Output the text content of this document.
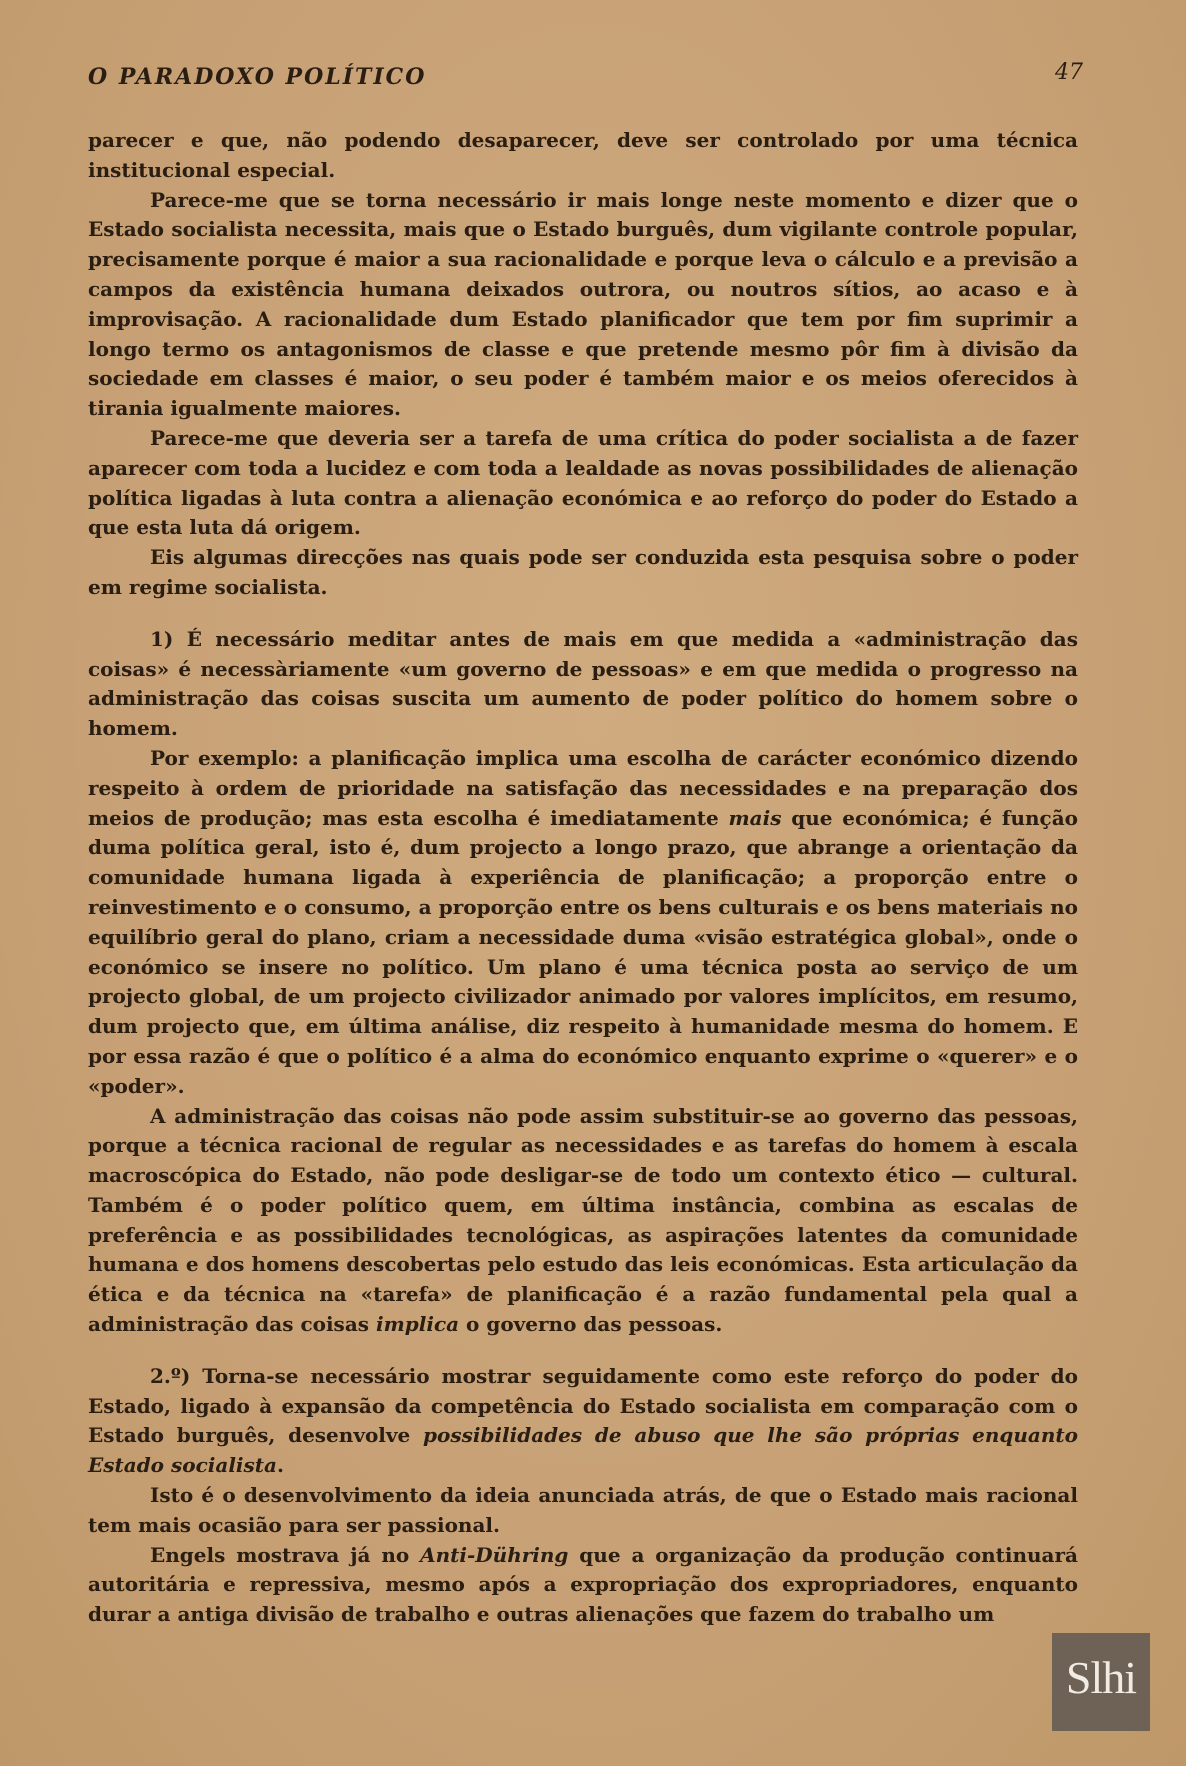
O PARADOXO POLÍTICO	47

parecer e que, não podendo desaparecer, deve ser controlado por uma técnica institucional especial.

Parece-me que se torna necessário ir mais longe neste momento e dizer que o Estado socialista necessita, mais que o Estado burguês, dum vigilante controle popular, precisamente porque é maior a sua racionalidade e porque leva o cálculo e a previsão a campos da existência humana deixados outrora, ou noutros sítios, ao acaso e à improvisação. A racionalidade dum Estado planificador que tem por fim suprimir a longo termo os antagonismos de classe e que pretende mesmo pôr fim à divisão da sociedade em classes é maior, o seu poder é também maior e os meios oferecidos à tirania igualmente maiores.

Parece-me que deveria ser a tarefa de uma crítica do poder socialista a de fazer aparecer com toda a lucidez e com toda a lealdade as novas possibilidades de alienação política ligadas à luta contra a alienação económica e ao reforço do poder do Estado a que esta luta dá origem.

Eis algumas direcções nas quais pode ser conduzida esta pesquisa sobre o poder em regime socialista.

1) É necessário meditar antes de mais em que medida a «administração das coisas» é necessàriamente «um governo de pessoas» e em que medida o progresso na administração das coisas suscita um aumento de poder político do homem sobre o homem.

Por exemplo: a planificação implica uma escolha de carácter económico dizendo respeito à ordem de prioridade na satisfação das necessidades e na preparação dos meios de produção; mas esta escolha é imediatamente mais que económica; é função duma política geral, isto é, dum projecto a longo prazo, que abrange a orientação da comunidade humana ligada à experiência de planificação; a proporção entre o reinvestimento e o consumo, a proporção entre os bens culturais e os bens materiais no equilíbrio geral do plano, criam a necessidade duma «visão estratégica global», onde o económico se insere no político. Um plano é uma técnica posta ao serviço de um projecto global, de um projecto civilizador animado por valores implícitos, em resumo, dum projecto que, em última análise, diz respeito à humanidade mesma do homem. E por essa razão é que o político é a alma do económico enquanto exprime o «querer» e o «poder».

A administração das coisas não pode assim substituir-se ao governo das pessoas, porque a técnica racional de regular as necessidades e as tarefas do homem à escala macroscópica do Estado, não pode desligar-se de todo um contexto ético — cultural. Também é o poder político quem, em última instância, combina as escalas de preferência e as possibilidades tecnológicas, as aspirações latentes da comunidade humana e dos homens descobertas pelo estudo das leis económicas. Esta articulação da ética e da técnica na «tarefa» de planificação é a razão fundamental pela qual a administração das coisas implica o governo das pessoas.

2.º) Torna-se necessário mostrar seguidamente como este reforço do poder do Estado, ligado à expansão da competência do Estado socialista em comparação com o Estado burguês, desenvolve possibilidades de abuso que lhe são próprias enquanto Estado socialista.

Isto é o desenvolvimento da ideia anunciada atrás, de que o Estado mais racional tem mais ocasião para ser passional.

Engels mostrava já no Anti-Dühring que a organização da produção continuará autoritária e repressiva, mesmo após a expropriação dos expropriadores, enquanto durar a antiga divisão de trabalho e outras alienações que fazem do trabalho um

Slhi
